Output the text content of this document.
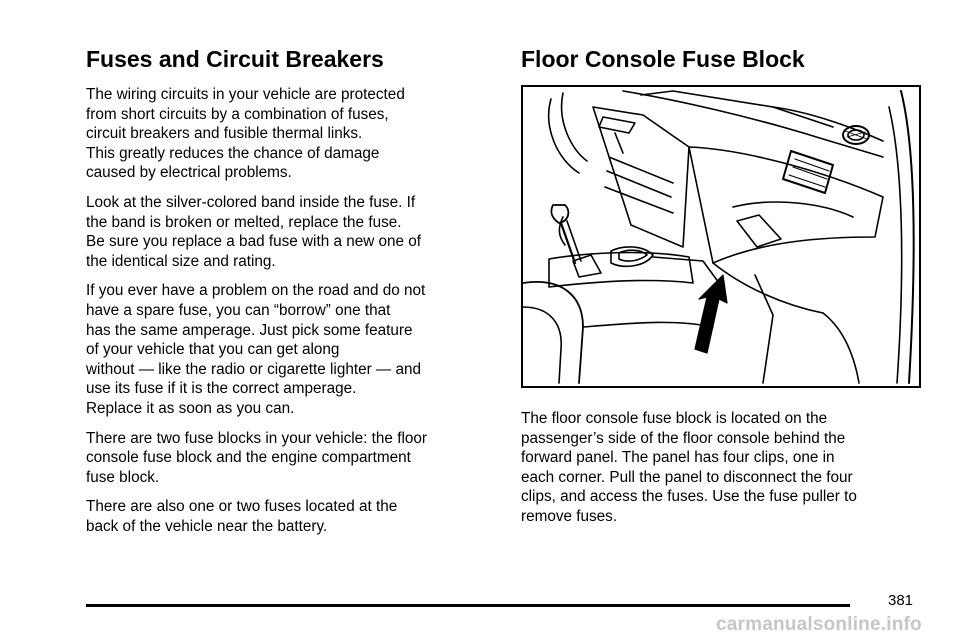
Fuses and Circuit Breakers

The wiring circuits in your vehicle are protected
from short circuits by a combination of fuses,
circuit breakers and fusible thermal links.
This greatly reduces the chance of damage
caused by electrical problems.

Look at the silver-colored band inside the fuse. If
the band is broken or melted, replace the fuse.
Be sure you replace a bad fuse with a new one of
the identical size and rating.

If you ever have a problem on the road and do not
have a spare fuse, you can “borrow” one that
has the same amperage. Just pick some feature
of your vehicle that you can get along
without — like the radio or cigarette lighter — and
use its fuse if it is the correct amperage.
Replace it as soon as you can.

There are two fuse blocks in your vehicle: the floor
console fuse block and the engine compartment
fuse block.

There are also one or two fuses located at the
back of the vehicle near the battery.

Floor Console Fuse Block

The floor console fuse block is located on the
passenger’s side of the floor console behind the
forward panel. The panel has four clips, one in
each corner. Pull the panel to disconnect the four
clips, and access the fuses. Use the fuse puller to
remove fuses.

381
carmanualsonline.info
